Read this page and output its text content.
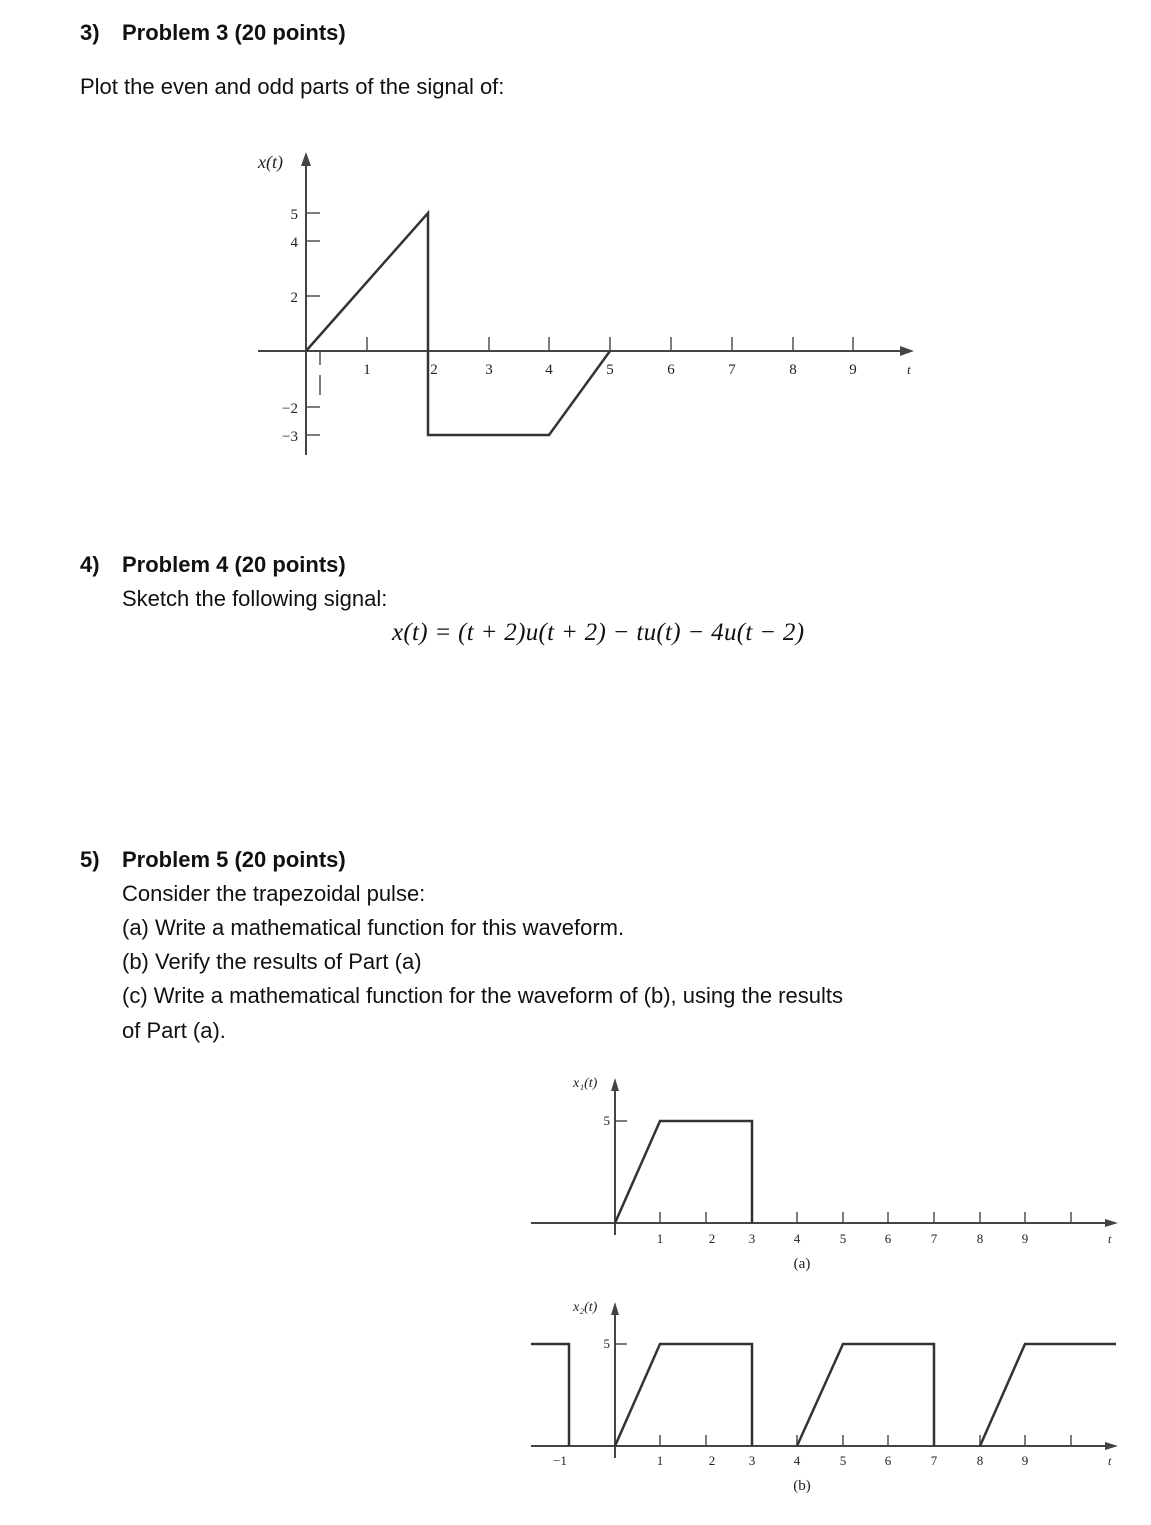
3) Problem 3 (20 points)
Plot the even and odd parts of the signal of:
5
4
2
−2
−3
x(t)
1	2	3	4	5	6	7	8	9	t
4) Problem 4 (20 points)
Sketch the following signal:
x(t) = (t + 2)u(t + 2) − tu(t) − 4u(t − 2)
5) Problem 5 (20 points)
Consider the trapezoidal pulse:
(a) Write a mathematical function for this waveform.
(b) Verify the results of Part (a)
(c) Write a mathematical function for the waveform of (b), using the results
of Part (a).
5
x₁(t)
1	2	3	4	5	6	7	8	9	t
(a)
5
x₂(t)
−1	1	2	3	4	5	6	7	8	9	t
(b)
